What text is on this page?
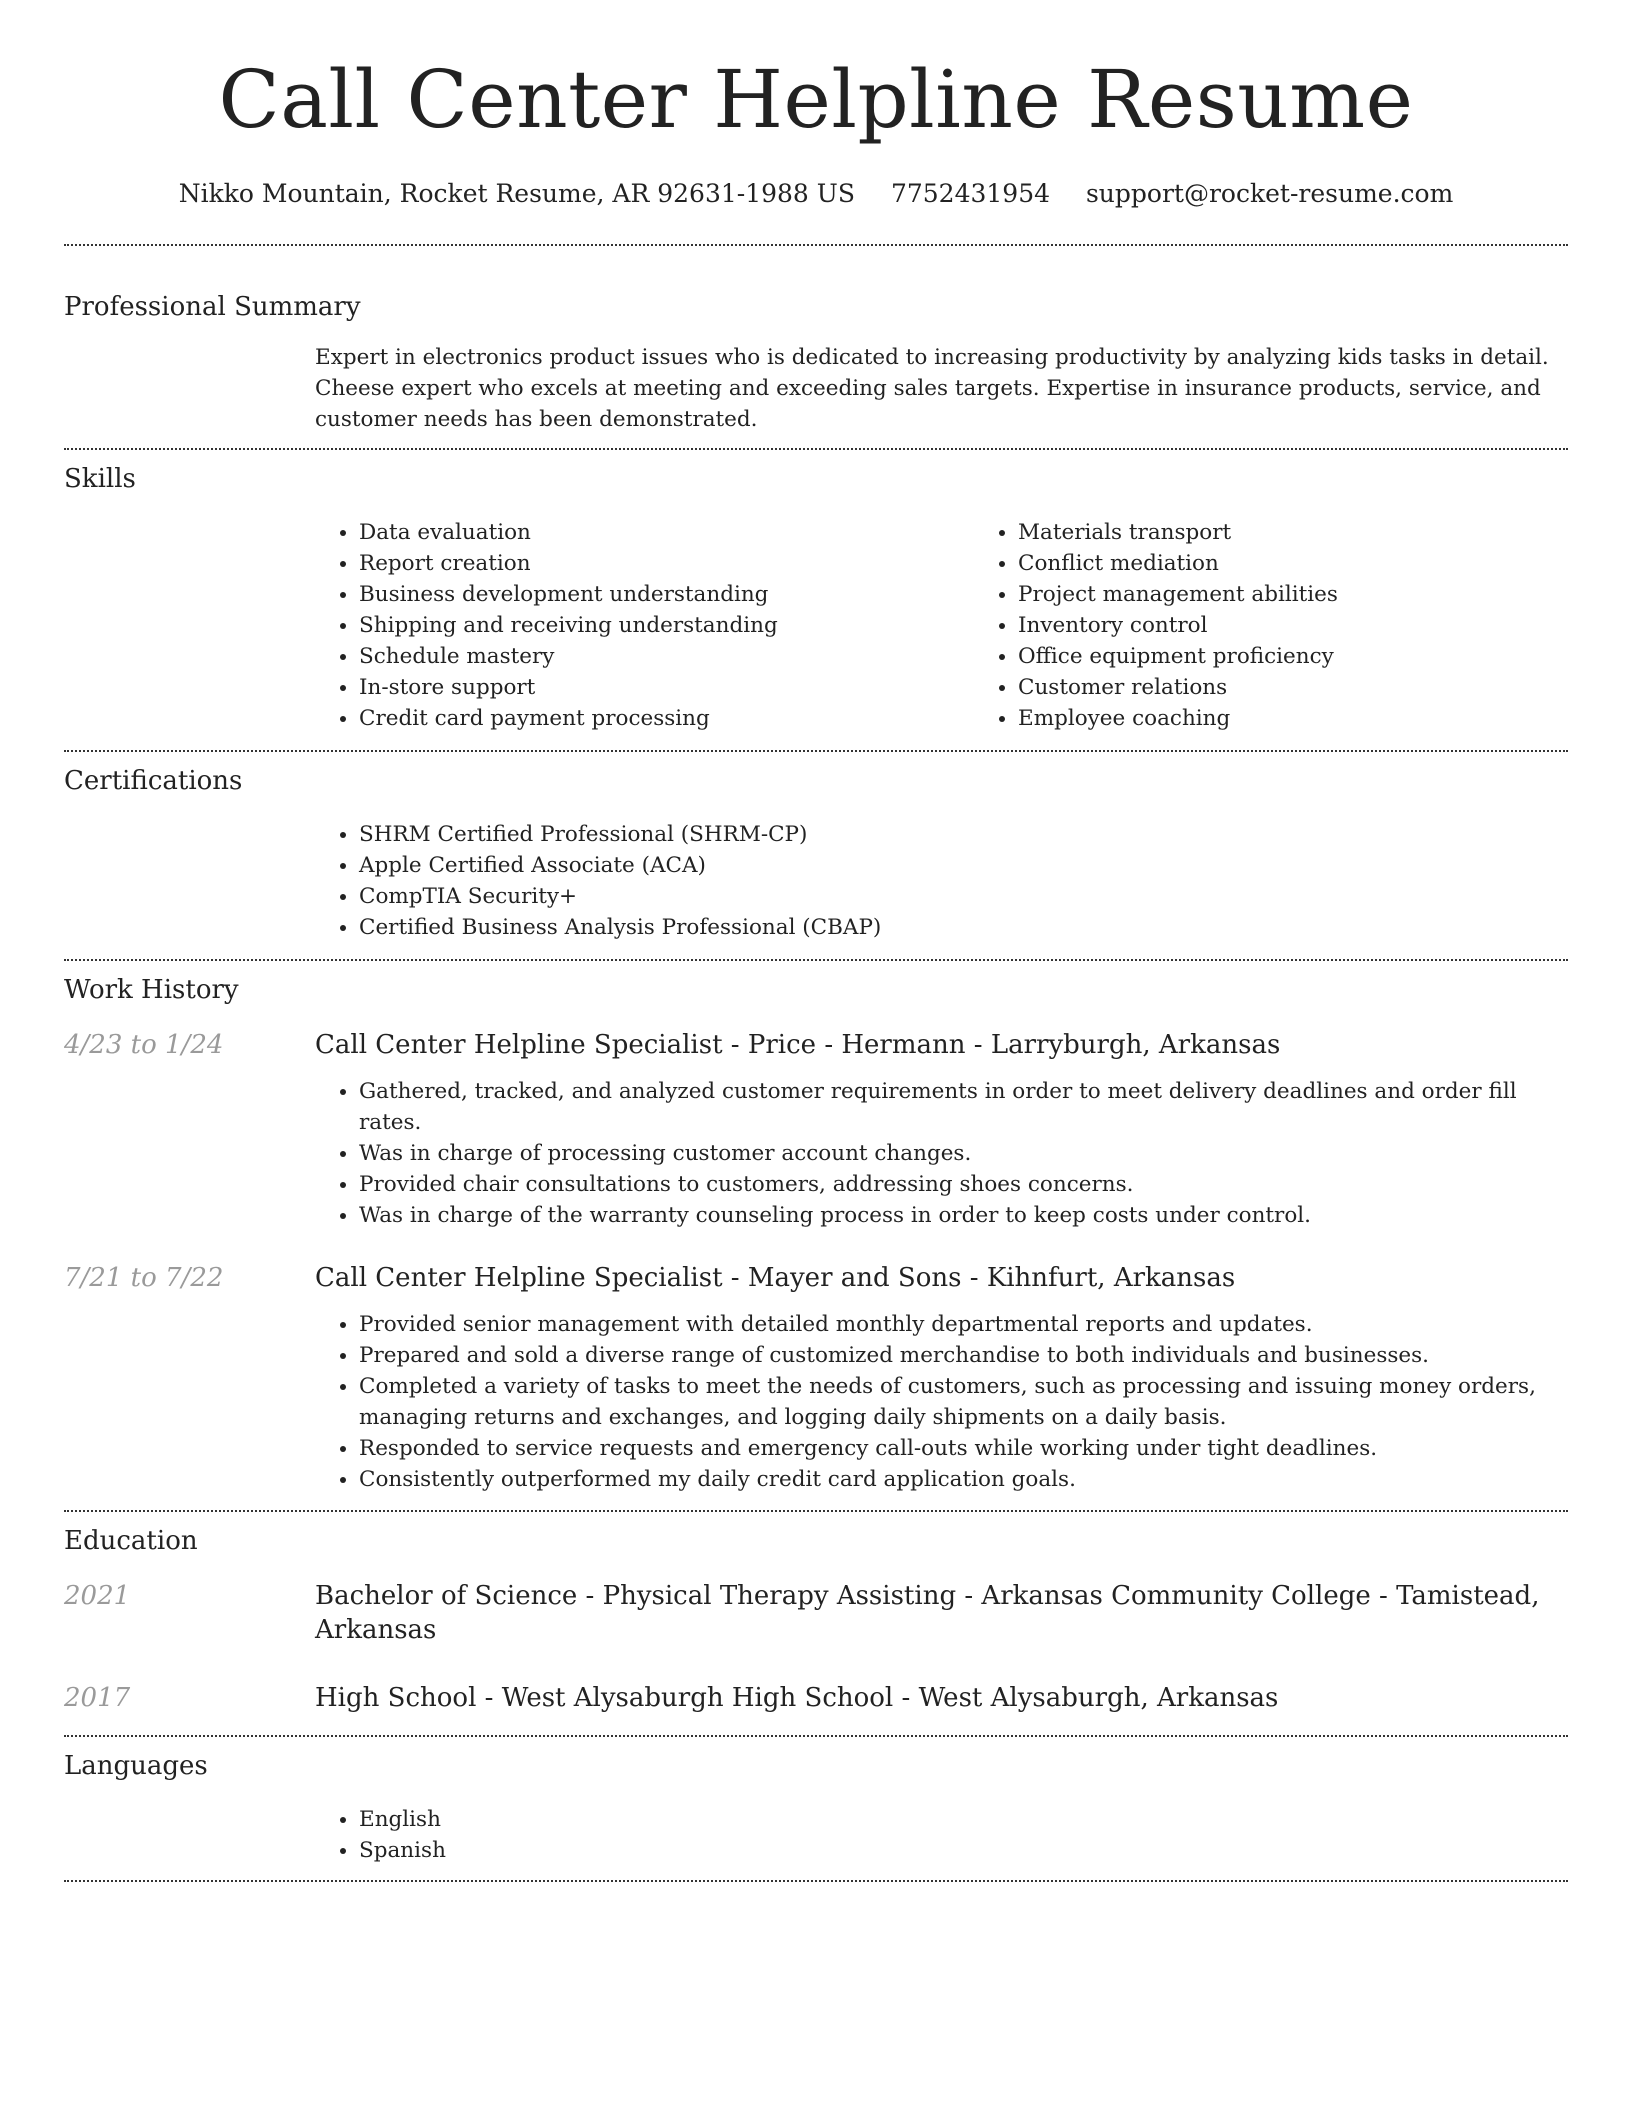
Call Center Helpline Resume
Nikko Mountain, Rocket Resume, AR 92631-1988 US 7752431954 support@rocket-resume.com
Professional Summary

Expert in electronics product issues who is dedicated to increasing productivity by analyzing kids tasks in detail. Cheese expert who excels at meeting and exceeding sales targets. Expertise in insurance products, service, and customer needs has been demonstrated.

Skills
• Data evaluation
• Report creation
• Business development understanding
• Shipping and receiving understanding
• Schedule mastery
• In-store support
• Credit card payment processing
• Materials transport
• Conflict mediation
• Project management abilities
• Inventory control
• Office equipment proficiency
• Customer relations
• Employee coaching
Certifications
• SHRM Certified Professional (SHRM-CP)
• Apple Certified Associate (ACA)
• CompTIA Security+
• Certified Business Analysis Professional (CBAP)
Work History
4/23 to 1/24	Call Center Helpline Specialist - Price - Hermann - Larryburgh, Arkansas
• Gathered, tracked, and analyzed customer requirements in order to meet delivery deadlines and order fill rates.
• Was in charge of processing customer account changes.
• Provided chair consultations to customers, addressing shoes concerns.
• Was in charge of the warranty counseling process in order to keep costs under control.
7/21 to 7/22	Call Center Helpline Specialist - Mayer and Sons - Kihnfurt, Arkansas
• Provided senior management with detailed monthly departmental reports and updates.
• Prepared and sold a diverse range of customized merchandise to both individuals and businesses.
• Completed a variety of tasks to meet the needs of customers, such as processing and issuing money orders, managing returns and exchanges, and logging daily shipments on a daily basis.
• Responded to service requests and emergency call-outs while working under tight deadlines.
• Consistently outperformed my daily credit card application goals.
Education
2021	Bachelor of Science - Physical Therapy Assisting - Arkansas Community College - Tamistead, Arkansas
2017	High School - West Alysaburgh High School - West Alysaburgh, Arkansas
Languages
• English
• Spanish
